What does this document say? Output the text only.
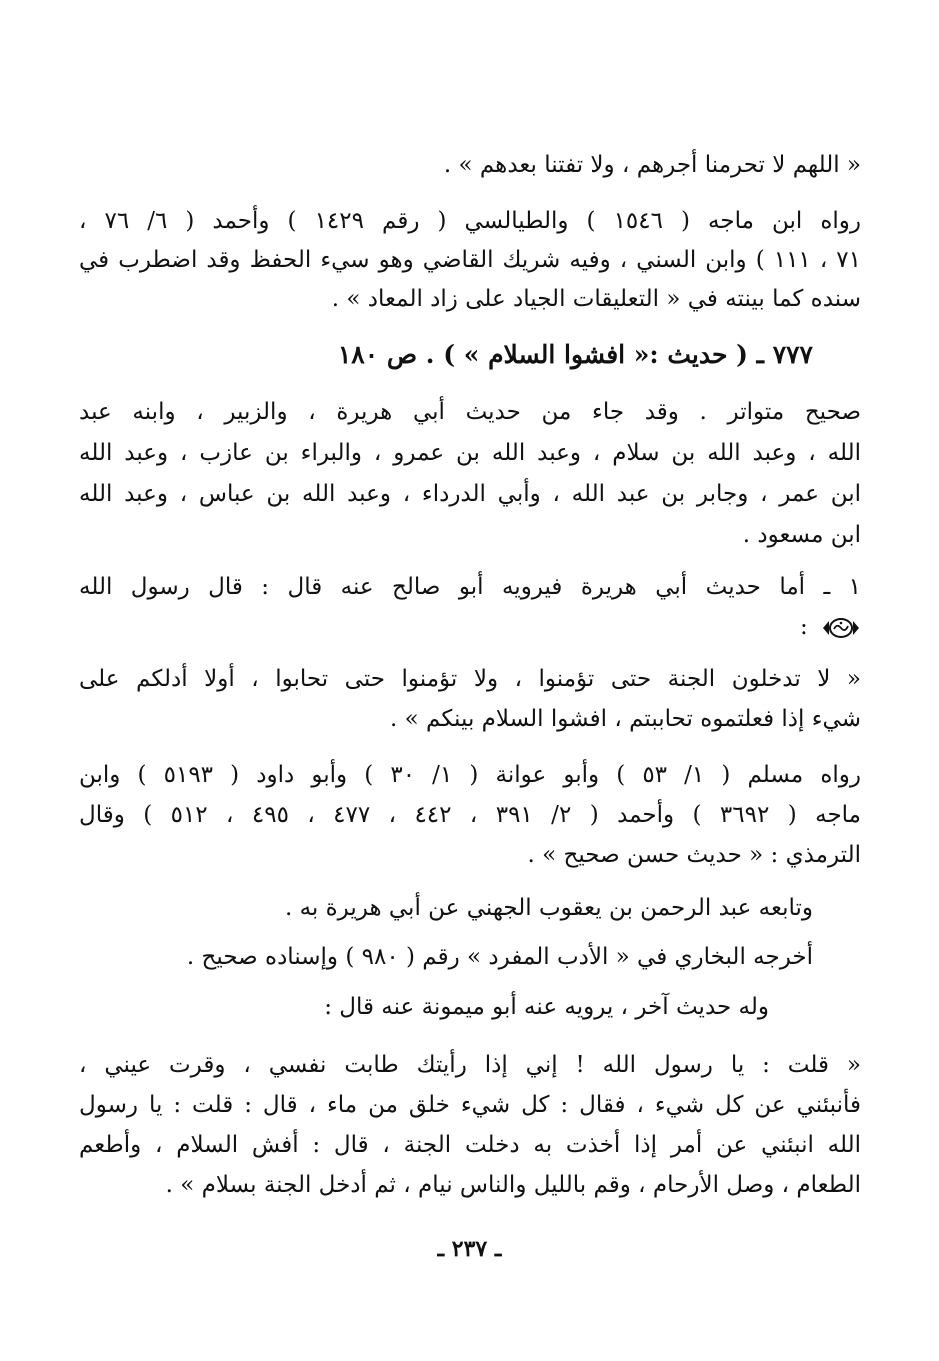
« اللهم لا تحرمنا أجرهم ، ولا تفتنا بعدهم » .
رواه ابن ماجه ( ١٥٤٦ ) والطيالسي ( رقم ١٤٢٩ ) وأحمد ( ٦/ ٧٦ ،
٧١ ، ١١١ ) وابن السني ، وفيه شريك القاضي وهو سيء الحفظ وقد اضطرب في
سنده كما بينته في « التعليقات الجياد على زاد المعاد » .
٧٧٧ ـ ( حديث :« افشوا السلام » ) . ص ١٨٠
صحيح متواتر . وقد جاء من حديث أبي هريرة ، والزبير ، وابنه عبد
الله ، وعبد الله بن سلام ، وعبد الله بن عمرو ، والبراء بن عازب ، وعبد الله
ابن عمر ، وجابر بن عبد الله ، وأبي الدرداء ، وعبد الله بن عباس ، وعبد الله
ابن مسعود .
١ ـ أما حديث أبي هريرة فيرويه أبو صالح عنه قال : قال رسول الله
:
« لا تدخلون الجنة حتى تؤمنوا ، ولا تؤمنوا حتى تحابوا ، أولا أدلكم على
شيء إذا فعلتموه تحاببتم ، افشوا السلام بينكم » .
رواه مسلم ( ١/ ٥٣ ) وأبو عوانة ( ١/ ٣٠ ) وأبو داود ( ٥١٩٣ ) وابن
ماجه ( ٣٦٩٢ ) وأحمد ( ٢/ ٣٩١ ، ٤٤٢ ، ٤٧٧ ، ٤٩٥ ، ٥١٢ ) وقال
الترمذي : « حديث حسن صحيح » .
وتابعه عبد الرحمن بن يعقوب الجهني عن أبي هريرة به .
أخرجه البخاري في « الأدب المفرد » رقم ( ٩٨٠ ) وإسناده صحيح .
وله حديث آخر ، يرويه عنه أبو ميمونة عنه قال :
« قلت : يا رسول الله ! إني إذا رأيتك طابت نفسي ، وقرت عيني ،
فأنبئني عن كل شيء ، فقال : كل شيء خلق من ماء ، قال : قلت : يا رسول
الله انبئني عن أمر إذا أخذت به دخلت الجنة ، قال : أفش السلام ، وأطعم
الطعام ، وصل الأرحام ، وقم بالليل والناس نيام ، ثم أدخل الجنة بسلام » .
ـ ٢٣٧ ـ
